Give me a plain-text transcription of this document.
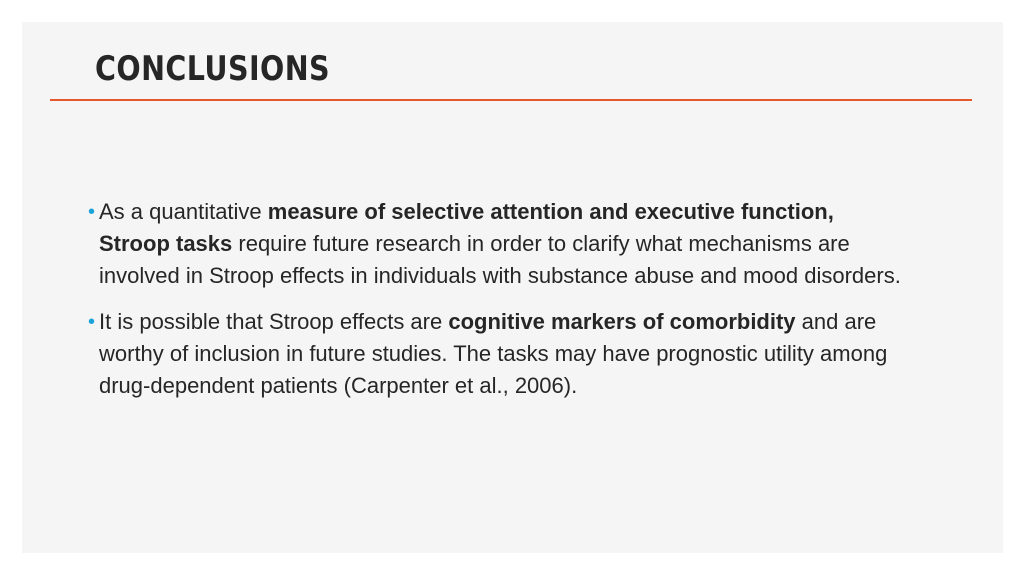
CONCLUSIONS
• As a quantitative measure of selective attention and executive function, Stroop tasks require future research in order to clarify what mechanisms are involved in Stroop effects in individuals with substance abuse and mood disorders.
• It is possible that Stroop effects are cognitive markers of comorbidity and are worthy of inclusion in future studies. The tasks may have prognostic utility among drug-dependent patients (Carpenter et al., 2006).
